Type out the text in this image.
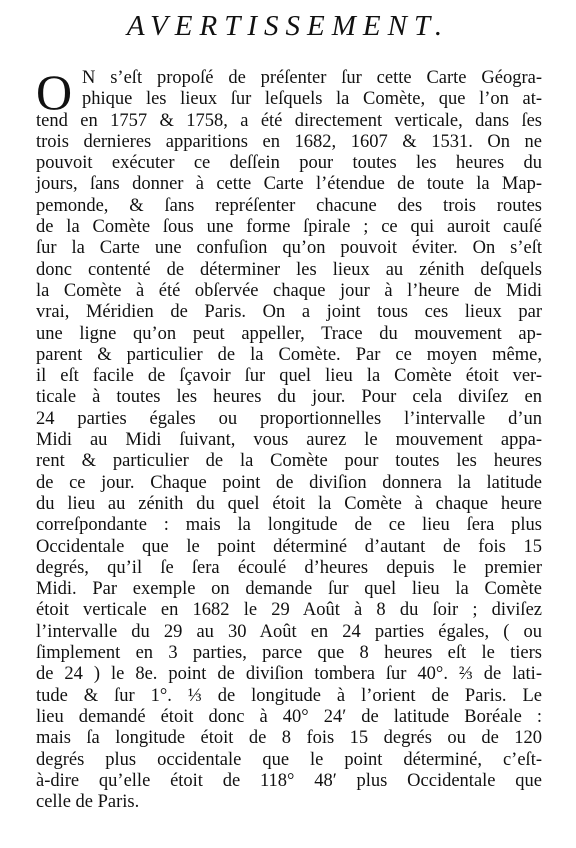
AVERTISSEMENT.
O N s’eſt propoſé de préſenter ſur cette Carte Géogra-
phique les lieux ſur leſquels la Comète, que l’on at-
tend en 1757 & 1758, a été directement verticale, dans ſes
trois dernieres apparitions en 1682, 1607 & 1531. On ne
pouvoit exécuter ce deſſein pour toutes les heures du
jours, ſans donner à cette Carte l’étendue de toute la Map-
pemonde, & ſans repréſenter chacune des trois routes
de la Comète ſous une forme ſpirale ; ce qui auroit cauſé
ſur la Carte une confuſion qu’on pouvoit éviter. On s’eſt
donc contenté de déterminer les lieux au zénith deſquels
la Comète à été obſervée chaque jour à l’heure de Midi
vrai, Méridien de Paris. On a joint tous ces lieux par
une ligne qu’on peut appeller, Trace du mouvement ap-
parent & particulier de la Comète. Par ce moyen même,
il eſt facile de ſçavoir ſur quel lieu la Comète étoit ver-
ticale à toutes les heures du jour. Pour cela diviſez en
24 parties égales ou proportionnelles l’intervalle d’un
Midi au Midi ſuivant, vous aurez le mouvement appa-
rent & particulier de la Comète pour toutes les heures
de ce jour. Chaque point de diviſion donnera la latitude
du lieu au zénith du quel étoit la Comète à chaque heure
correſpondante : mais la longitude de ce lieu ſera plus
Occidentale que le point déterminé d’autant de fois 15
degrés, qu’il ſe ſera écoulé d’heures depuis le premier
Midi. Par exemple on demande ſur quel lieu la Comète
étoit verticale en 1682 le 29 Août à 8 du ſoir ; diviſez
l’intervalle du 29 au 30 Août en 24 parties égales, ( ou
ſimplement en 3 parties, parce que 8 heures eſt le tiers
de 24 ) le 8e. point de diviſion tombera ſur 40°. ⅔ de lati-
tude & ſur 1°. ⅓ de longitude à l’orient de Paris. Le
lieu demandé étoit donc à 40° 24′ de latitude Boréale :
mais ſa longitude étoit de 8 fois 15 degrés ou de 120
degrés plus occidentale que le point déterminé, c’eſt-
à-dire qu’elle étoit de 118° 48′ plus Occidentale que
celle de Paris.
